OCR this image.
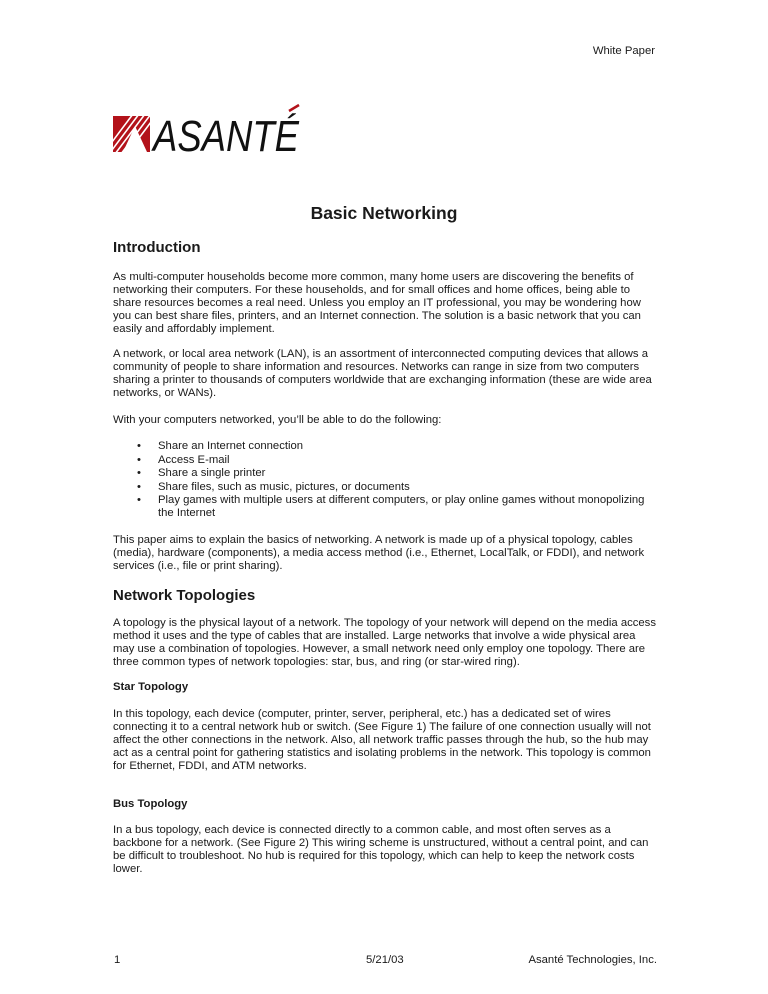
White Paper
ASANTÉ
Basic Networking
Introduction

As multi-computer households become more common, many home users are discovering the benefits of networking their computers. For these households, and for small offices and home offices, being able to share resources becomes a real need. Unless you employ an IT professional, you may be wondering how you can best share files, printers, and an Internet connection. The solution is a basic network that you can easily and affordably implement.

A network, or local area network (LAN), is an assortment of interconnected computing devices that allows a community of people to share information and resources. Networks can range in size from two computers sharing a printer to thousands of computers worldwide that are exchanging information (these are wide area networks, or WANs).

With your computers networked, you’ll be able to do the following:

• Share an Internet connection
• Access E-mail
• Share a single printer
• Share files, such as music, pictures, or documents
• Play games with multiple users at different computers, or play online games without monopolizing the Internet

This paper aims to explain the basics of networking. A network is made up of a physical topology, cables (media), hardware (components), a media access method (i.e., Ethernet, LocalTalk, or FDDI), and network services (i.e., file or print sharing).

Network Topologies

A topology is the physical layout of a network. The topology of your network will depend on the media access method it uses and the type of cables that are installed. Large networks that involve a wide physical area may use a combination of topologies. However, a small network need only employ one topology. There are three common types of network topologies: star, bus, and ring (or star-wired ring).

Star Topology

In this topology, each device (computer, printer, server, peripheral, etc.) has a dedicated set of wires connecting it to a central network hub or switch. (See Figure 1) The failure of one connection usually will not affect the other connections in the network. Also, all network traffic passes through the hub, so the hub may act as a central point for gathering statistics and isolating problems in the network. This topology is common for Ethernet, FDDI, and ATM networks.

Bus Topology

In a bus topology, each device is connected directly to a common cable, and most often serves as a backbone for a network. (See Figure 2) This wiring scheme is unstructured, without a central point, and can be difficult to troubleshoot. No hub is required for this topology, which can help to keep the network costs lower.

1	5/21/03	Asanté Technologies, Inc.
